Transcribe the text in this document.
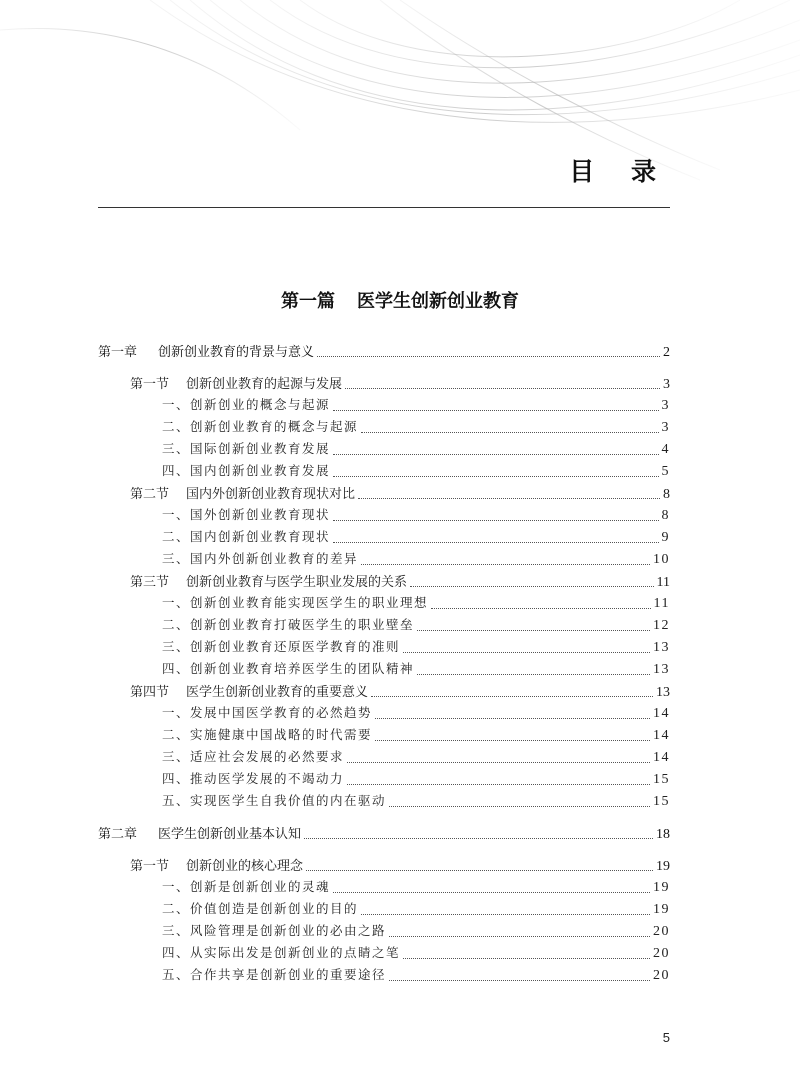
目 录
第一篇 医学生创新创业教育
第一章	创新创业教育的背景与意义	2
第一节	创新创业教育的起源与发展	3
一、创新创业的概念与起源	3
二、创新创业教育的概念与起源	3
三、国际创新创业教育发展	4
四、国内创新创业教育发展	5
第二节	国内外创新创业教育现状对比	8
一、国外创新创业教育现状	8
二、国内创新创业教育现状	9
三、国内外创新创业教育的差异	10
第三节	创新创业教育与医学生职业发展的关系	11
一、创新创业教育能实现医学生的职业理想	11
二、创新创业教育打破医学生的职业壁垒	12
三、创新创业教育还原医学教育的准则	13
四、创新创业教育培养医学生的团队精神	13
第四节	医学生创新创业教育的重要意义	13
一、发展中国医学教育的必然趋势	14
二、实施健康中国战略的时代需要	14
三、适应社会发展的必然要求	14
四、推动医学发展的不竭动力	15
五、实现医学生自我价值的内在驱动	15
第二章	医学生创新创业基本认知	18
第一节	创新创业的核心理念	19
一、创新是创新创业的灵魂	19
二、价值创造是创新创业的目的	19
三、风险管理是创新创业的必由之路	20
四、从实际出发是创新创业的点睛之笔	20
五、合作共享是创新创业的重要途径	20
5
